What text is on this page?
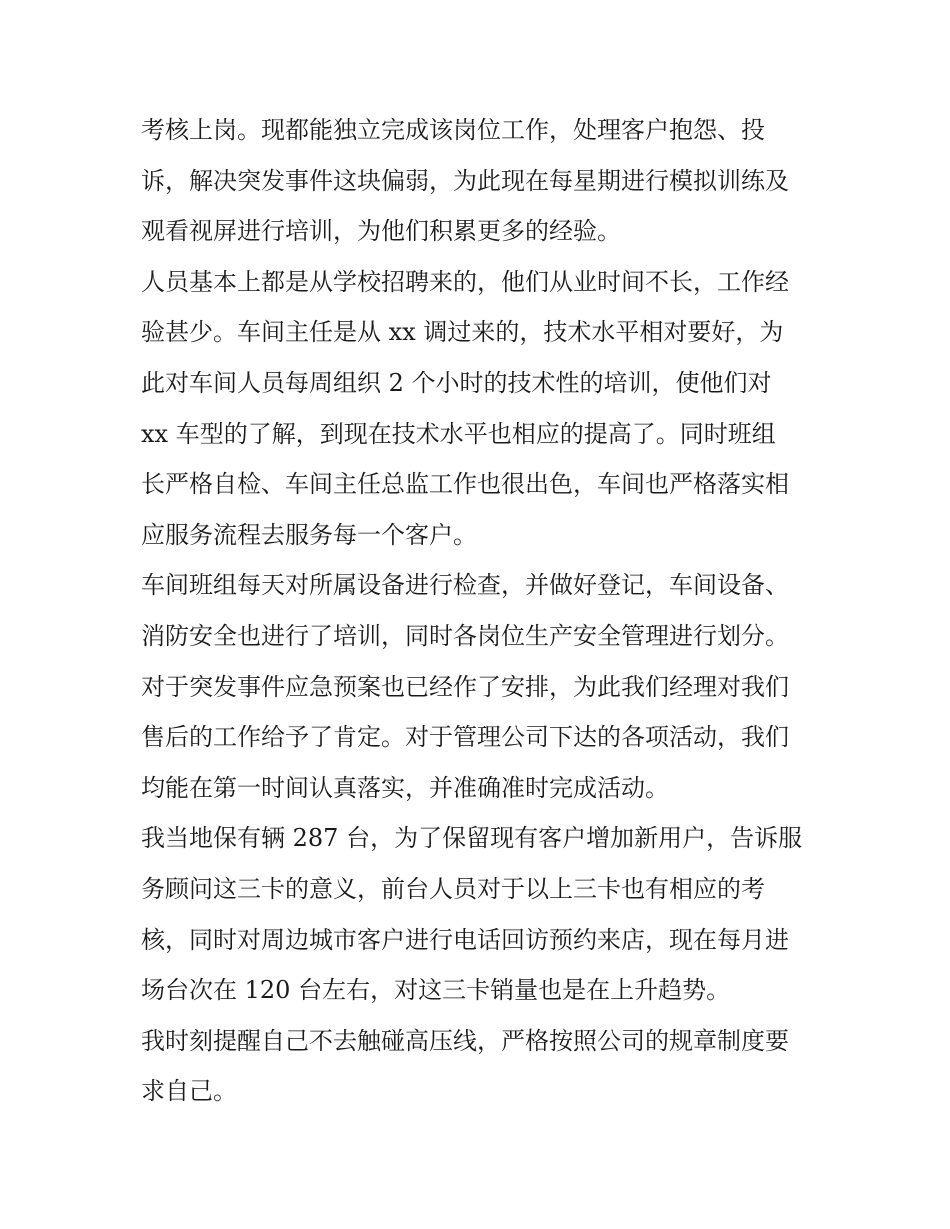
考核上岗。现都能独立完成该岗位工作，处理客户抱怨、投
诉，解决突发事件这块偏弱，为此现在每星期进行模拟训练及
观看视屏进行培训，为他们积累更多的经验。
人员基本上都是从学校招聘来的，他们从业时间不长，工作经
验甚少。车间主任是从 xx 调过来的，技术水平相对要好，为
此对车间人员每周组织 2 个小时的技术性的培训，使他们对
xx 车型的了解，到现在技术水平也相应的提高了。同时班组
长严格自检、车间主任总监工作也很出色，车间也严格落实相
应服务流程去服务每一个客户。
车间班组每天对所属设备进行检查，并做好登记，车间设备、
消防安全也进行了培训，同时各岗位生产安全管理进行划分。
对于突发事件应急预案也已经作了安排，为此我们经理对我们
售后的工作给予了肯定。对于管理公司下达的各项活动，我们
均能在第一时间认真落实，并准确准时完成活动。
我当地保有辆 287 台，为了保留现有客户增加新用户，告诉服
务顾问这三卡的意义，前台人员对于以上三卡也有相应的考
核，同时对周边城市客户进行电话回访预约来店，现在每月进
场台次在 120 台左右，对这三卡销量也是在上升趋势。
我时刻提醒自己不去触碰高压线，严格按照公司的规章制度要
求自己。
